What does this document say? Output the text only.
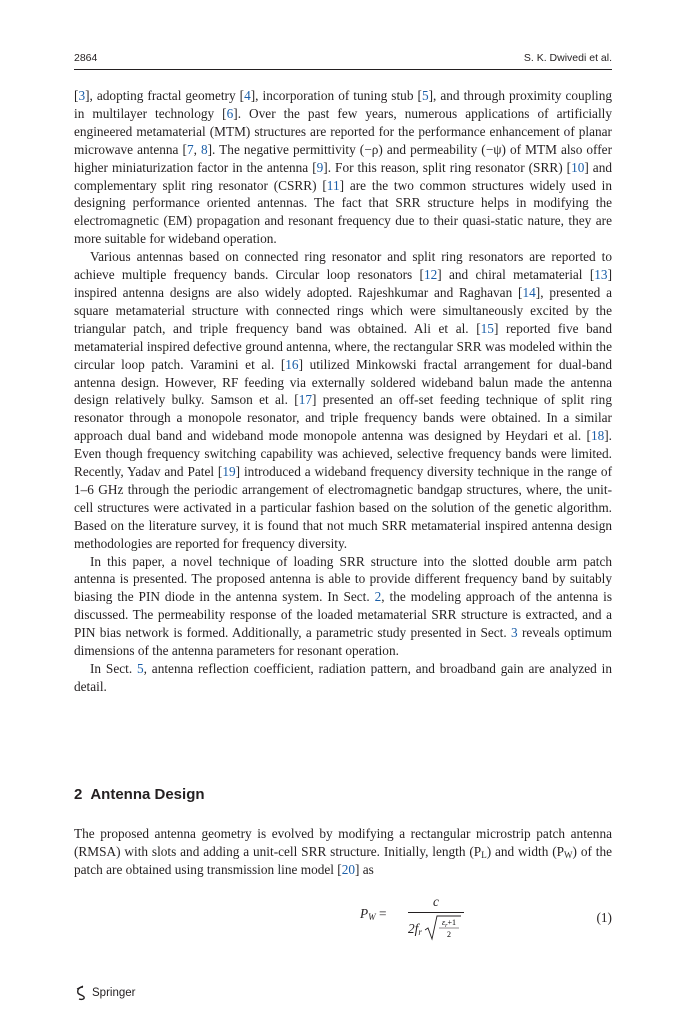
2864	S. K. Dwivedi et al.

[3], adopting fractal geometry [4], incorporation of tuning stub [5], and through proximity coupling in multilayer technology [6]. Over the past few years, numerous applications of artificially engineered metamaterial (MTM) structures are reported for the performance enhancement of planar microwave antenna [7, 8]. The negative permittivity (−ρ) and permeability (−ψ) of MTM also offer higher miniaturization factor in the antenna [9]. For this reason, split ring resonator (SRR) [10] and complementary split ring resonator (CSRR) [11] are the two common structures widely used in designing performance oriented antennas. The fact that SRR structure helps in modifying the electromagnetic (EM) propagation and resonant frequency due to their quasi-static nature, they are more suitable for wideband operation.

Various antennas based on connected ring resonator and split ring resonators are reported to achieve multiple frequency bands. Circular loop resonators [12] and chiral metamaterial [13] inspired antenna designs are also widely adopted. Rajeshkumar and Raghavan [14], presented a square metamaterial structure with connected rings which were simultaneously excited by the triangular patch, and triple frequency band was obtained. Ali et al. [15] reported five band metamaterial inspired defective ground antenna, where, the rectangular SRR was modeled within the circular loop patch. Varamini et al. [16] utilized Minkowski fractal arrangement for dual-band antenna design. However, RF feeding via externally soldered wideband balun made the antenna design relatively bulky. Samson et al. [17] presented an off-set feeding technique of split ring resonator through a monopole resonator, and triple frequency bands were obtained. In a similar approach dual band and wideband mode monopole antenna was designed by Heydari et al. [18]. Even though frequency switching capability was achieved, selective frequency bands were limited. Recently, Yadav and Patel [19] introduced a wideband frequency diversity technique in the range of 1–6 GHz through the periodic arrangement of electromagnetic bandgap structures, where, the unit-cell structures were activated in a particular fashion based on the solution of the genetic algorithm. Based on the literature survey, it is found that not much SRR metamaterial inspired antenna design methodologies are reported for frequency diversity.

In this paper, a novel technique of loading SRR structure into the slotted double arm patch antenna is presented. The proposed antenna is able to provide different frequency band by suitably biasing the PIN diode in the antenna system. In Sect. 2, the modeling approach of the antenna is discussed. The permeability response of the loaded metamaterial SRR structure is extracted, and a PIN bias network is formed. Additionally, a parametric study presented in Sect. 3 reveals optimum dimensions of the antenna parameters for resonant operation.

In Sect. 5, antenna reflection coefficient, radiation pattern, and broadband gain are analyzed in detail.

2 Antenna Design

The proposed antenna geometry is evolved by modifying a rectangular microstrip patch antenna (RMSA) with slots and adding a unit-cell SRR structure. Initially, length $(P_L)$ and width $(P_W)$ of the patch are obtained using transmission line model [20] as

$P_W$ =
c
$2f_r$
$\varepsilon_r+1$
2
(1)
Springer
